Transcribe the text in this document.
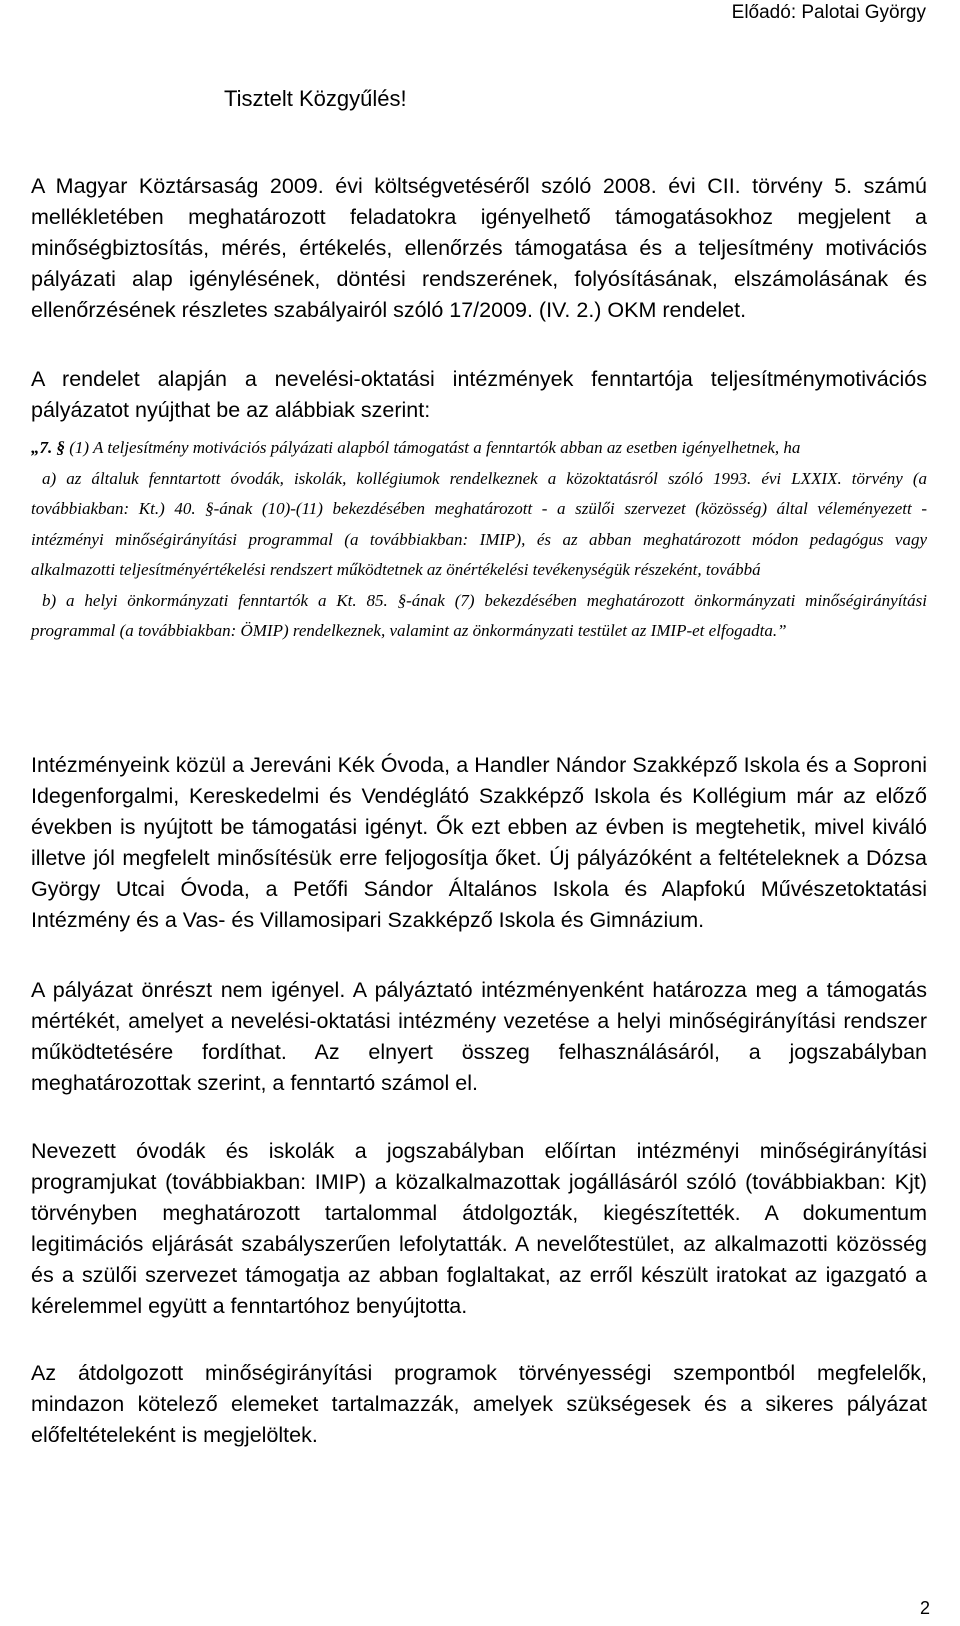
Előadó: Palotai György
Tisztelt Közgyűlés!

A Magyar Köztársaság 2009. évi költségvetéséről szóló 2008. évi CII. törvény 5. számú mellékletében meghatározott feladatokra igényelhető támogatásokhoz megjelent a minőségbiztosítás, mérés, értékelés, ellenőrzés támogatása és a teljesítmény motivációs pályázati alap igénylésének, döntési rendszerének, folyósításának, elszámolásának és ellenőrzésének részletes szabályairól szóló 17/2009. (IV. 2.) OKM rendelet.

A rendelet alapján a nevelési-oktatási intézmények fenntartója teljesítménymotivációs pályázatot nyújthat be az alábbiak szerint:

„7. § (1) A teljesítmény motivációs pályázati alapból támogatást a fenntartók abban az esetben igényelhetnek, ha
a) az általuk fenntartott óvodák, iskolák, kollégiumok rendelkeznek a közoktatásról szóló 1993. évi LXXIX. törvény (a továbbiakban: Kt.) 40. §-ának (10)-(11) bekezdésében meghatározott - a szülői szervezet (közösség) által véleményezett - intézményi minőségirányítási programmal (a továbbiakban: IMIP), és az abban meghatározott módon pedagógus vagy alkalmazotti teljesítményértékelési rendszert működtetnek az önértékelési tevékenységük részeként, továbbá
b) a helyi önkormányzati fenntartók a Kt. 85. §-ának (7) bekezdésében meghatározott önkormányzati minőségirányítási programmal (a továbbiakban: ÖMIP) rendelkeznek, valamint az önkormányzati testület az IMIP-et elfogadta.”

Intézményeink közül a Jereváni Kék Óvoda, a Handler Nándor Szakképző Iskola és a Soproni Idegenforgalmi, Kereskedelmi és Vendéglátó Szakképző Iskola és Kollégium már az előző években is nyújtott be támogatási igényt. Ők ezt ebben az évben is megtehetik, mivel kiváló illetve jól megfelelt minősítésük erre feljogosítja őket. Új pályázóként a feltételeknek a Dózsa György Utcai Óvoda, a Petőfi Sándor Általános Iskola és Alapfokú Művészetoktatási Intézmény és a Vas- és Villamosipari Szakképző Iskola és Gimnázium.

A pályázat önrészt nem igényel. A pályáztató intézményenként határozza meg a támogatás mértékét, amelyet a nevelési-oktatási intézmény vezetése a helyi minőségirányítási rendszer működtetésére fordíthat. Az elnyert összeg felhasználásáról, a jogszabályban meghatározottak szerint, a fenntartó számol el.

Nevezett óvodák és iskolák a jogszabályban előírtan intézményi minőségirányítási programjukat (továbbiakban: IMIP) a közalkalmazottak jogállásáról szóló (továbbiakban: Kjt) törvényben meghatározott tartalommal átdolgozták, kiegészítették. A dokumentum legitimációs eljárását szabályszerűen lefolytatták. A nevelőtestület, az alkalmazotti közösség és a szülői szervezet támogatja az abban foglaltakat, az erről készült iratokat az igazgató a kérelemmel együtt a fenntartóhoz benyújtotta.

Az átdolgozott minőségirányítási programok törvényességi szempontból megfelelők, mindazon kötelező elemeket tartalmazzák, amelyek szükségesek és a sikeres pályázat előfeltételeként is megjelöltek.

2
